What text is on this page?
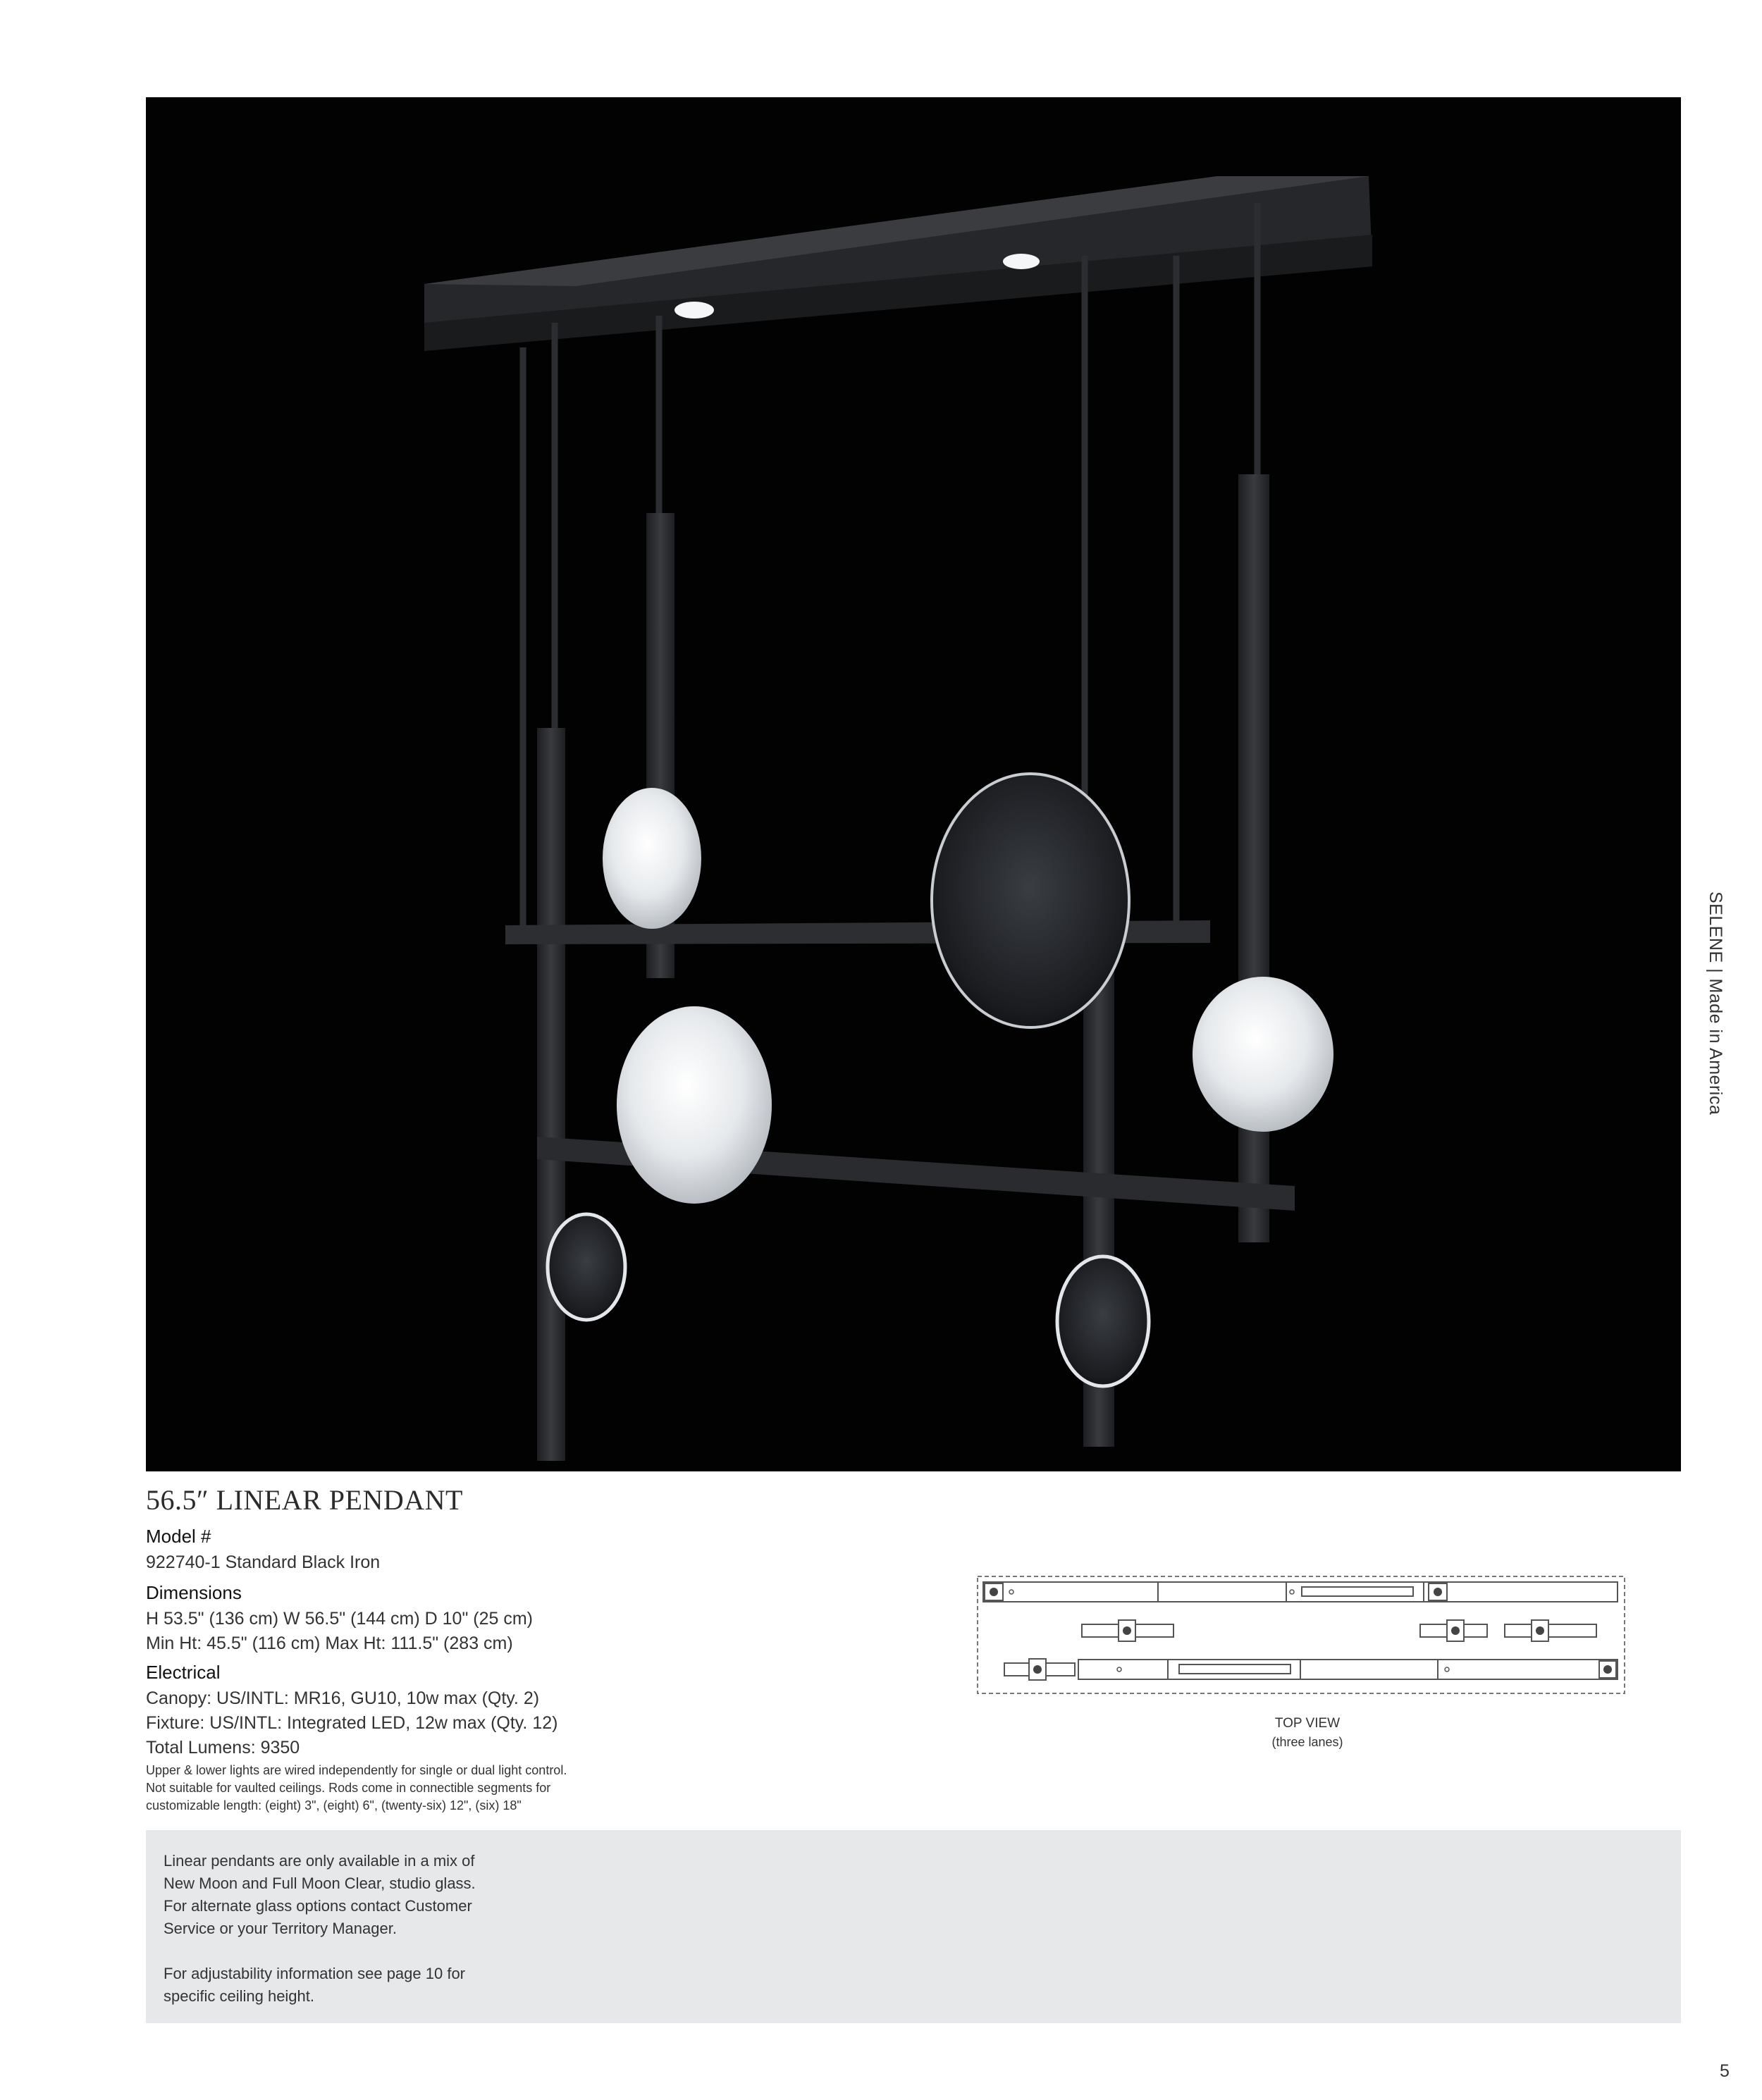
SELENE | Made in America
56.5″ LINEAR PENDANT
Model #
922740-1 Standard Black Iron
Dimensions
H 53.5" (136 cm) W 56.5" (144 cm) D 10" (25 cm)
Min Ht: 45.5" (116 cm) Max Ht: 111.5" (283 cm)
Electrical
Canopy: US/INTL: MR16, GU10, 10w max (Qty. 2)
Fixture: US/INTL: Integrated LED, 12w max (Qty. 12)
Total Lumens: 9350
Upper & lower lights are wired independently for single or dual light control.
Not suitable for vaulted ceilings. Rods come in connectible segments for
customizable length: (eight) 3", (eight) 6", (twenty-six) 12", (six) 18"
TOP VIEW
(three lanes)
Linear pendants are only available in a mix of
New Moon and Full Moon Clear, studio glass.
For alternate glass options contact Customer
Service or your Territory Manager.
For adjustability information see page 10 for
specific ceiling height.
5
